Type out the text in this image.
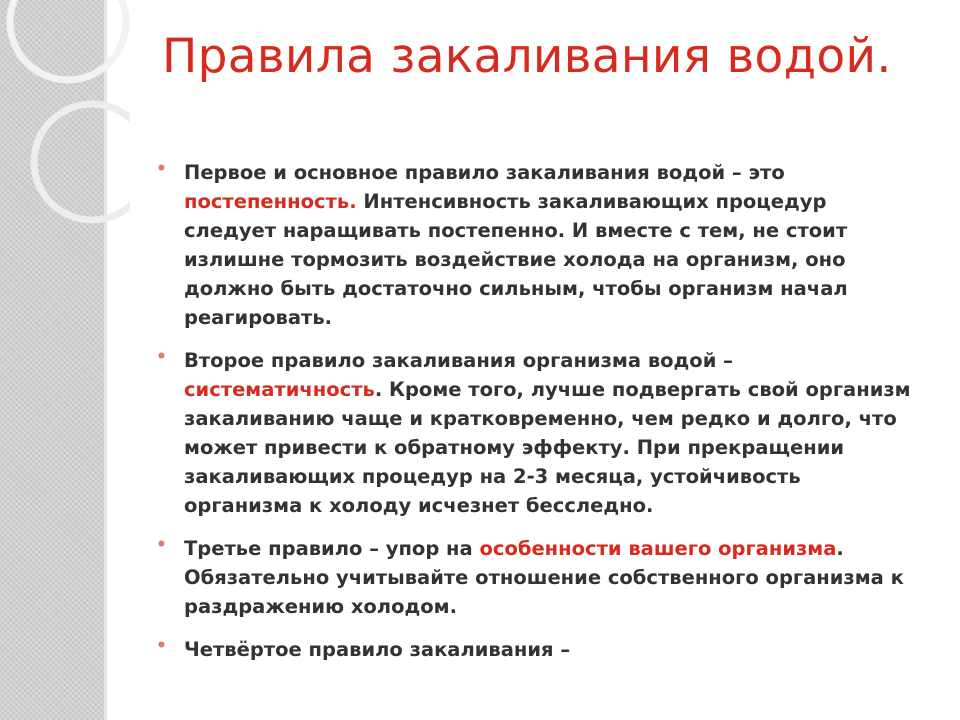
Правила закаливания водой.
• Первое и основное правило закаливания водой – это постепенность. Интенсивность закаливающих процедур следует наращивать постепенно. И вместе с тем, не стоит излишне тормозить воздействие холода на организм, оно должно быть достаточно сильным, чтобы организм начал реагировать.
• Второе правило закаливания организма водой – систематичность. Кроме того, лучше подвергать свой организм закаливанию чаще и кратковременно, чем редко и долго, что может привести к обратному эффекту. При прекращении закаливающих процедур на 2-3 месяца, устойчивость организма к холоду исчезнет бесследно.
• Третье правило – упор на особенности вашего организма. Обязательно учитывайте отношение собственного организма к раздражению холодом.
• Четвёртое правило закаливания –
